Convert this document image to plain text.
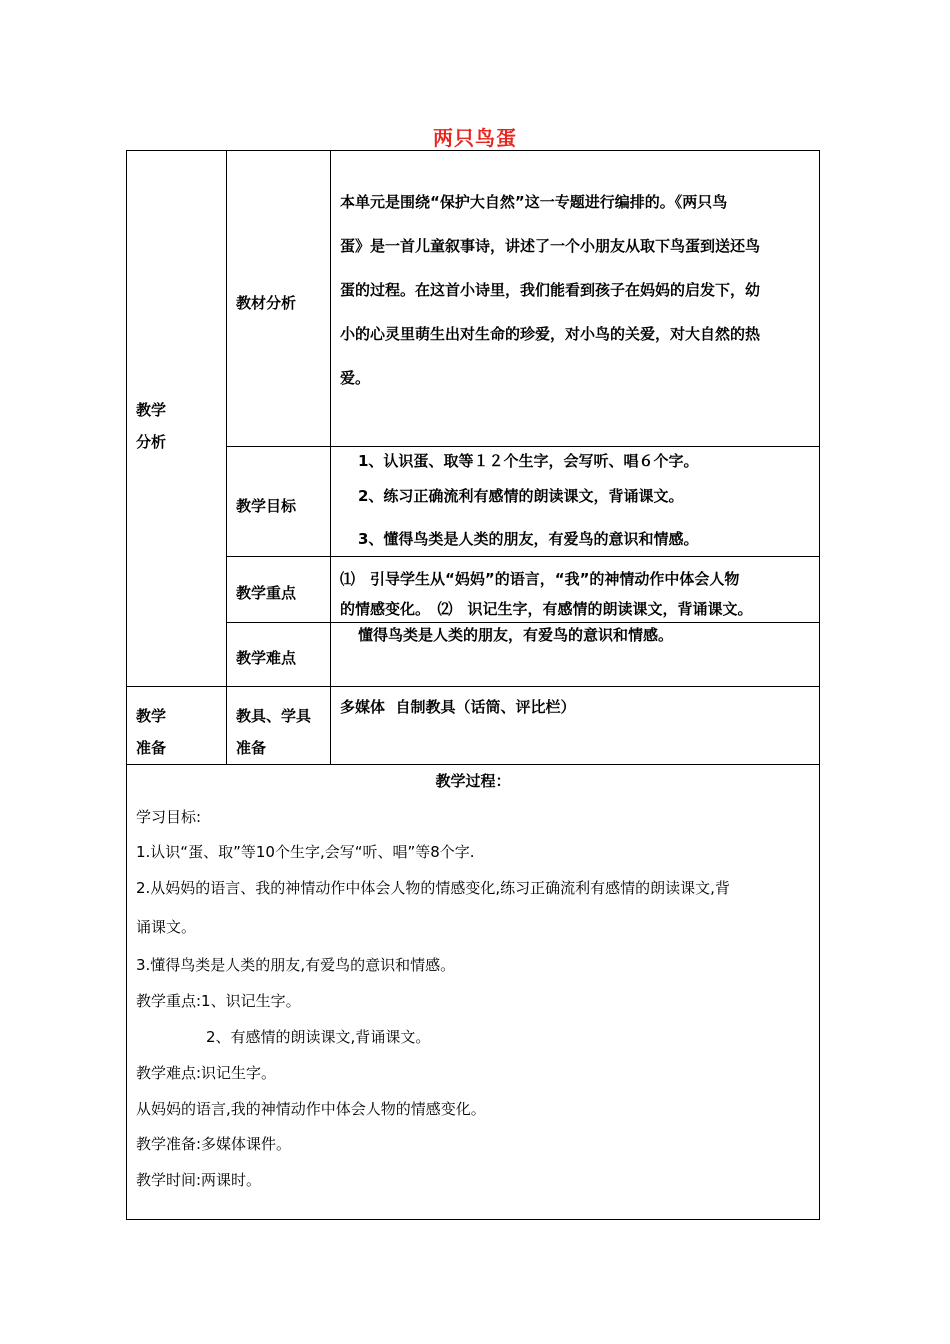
两只鸟蛋
教学
分析
教学
准备
教材分析
教学目标
教学重点
教学难点
教具、学具
准备
本单元是围绕“保护大自然”这一专题进行编排的。《两只鸟
蛋》是一首儿童叙事诗，讲述了一个小朋友从取下鸟蛋到送还鸟
蛋的过程。在这首小诗里，我们能看到孩子在妈妈的启发下，幼
小的心灵里萌生出对生命的珍爱，对小鸟的关爱，对大自然的热
爱。
1、认识蛋、取等１２个生字，会写听、唱６个字。
2、练习正确流利有感情的朗读课文，背诵课文。
3、懂得鸟类是人类的朋友，有爱鸟的意识和情感。
⑴　引导学生从“妈妈”的语言，“我”的神情动作中体会人物
的情感变化。　⑵　识记生字，有感情的朗读课文，背诵课文。
懂得鸟类是人类的朋友，有爱鸟的意识和情感。
多媒体  自制教具（话筒、评比栏）
教学过程：
学习目标:
1.认识“蛋、取”等10个生字,会写“听、唱”等8个字.
2.从妈妈的语言、我的神情动作中体会人物的情感变化,练习正确流利有感情的朗读课文,背
诵课文。
3.懂得鸟类是人类的朋友,有爱鸟的意识和情感。
教学重点:1、识记生字。
2、有感情的朗读课文,背诵课文。
教学难点:识记生字。
从妈妈的语言,我的神情动作中体会人物的情感变化。
教学准备:多媒体课件。
教学时间:两课时。
